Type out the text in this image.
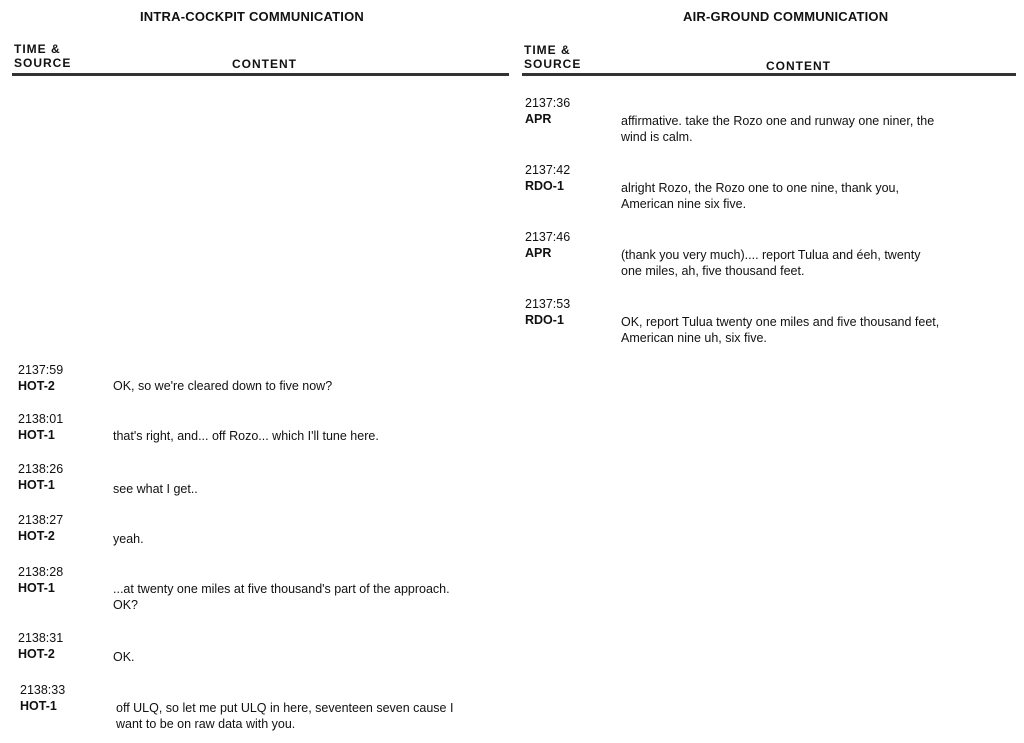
INTRA-COCKPIT COMMUNICATION	AIR-GROUND COMMUNICATION
TIME &
SOURCE	CONTENT
TIME &
SOURCE	CONTENT
2137:36
APR	affirmative. take the Rozo one and runway one niner, the
wind is calm.
2137:42
RDO-1	alright Rozo, the Rozo one to one nine, thank you,
American nine six five.
2137:46
APR	(thank you very much).... report Tulua and éeh, twenty
one miles, ah, five thousand feet.
2137:53
RDO-1	OK, report Tulua twenty one miles and five thousand feet,
American nine uh, six five.
2137:59
HOT-2	OK, so we're cleared down to five now?
2138:01
HOT-1	that's right, and... off Rozo... which I'll tune here.
2138:26
HOT-1	see what I get..
2138:27
HOT-2	yeah.
2138:28
HOT-1	...at twenty one miles at five thousand's part of the approach.
OK?
2138:31
HOT-2	OK.
2138:33
HOT-1	off ULQ, so let me put ULQ in here, seventeen seven cause I
want to be on raw data with you.
